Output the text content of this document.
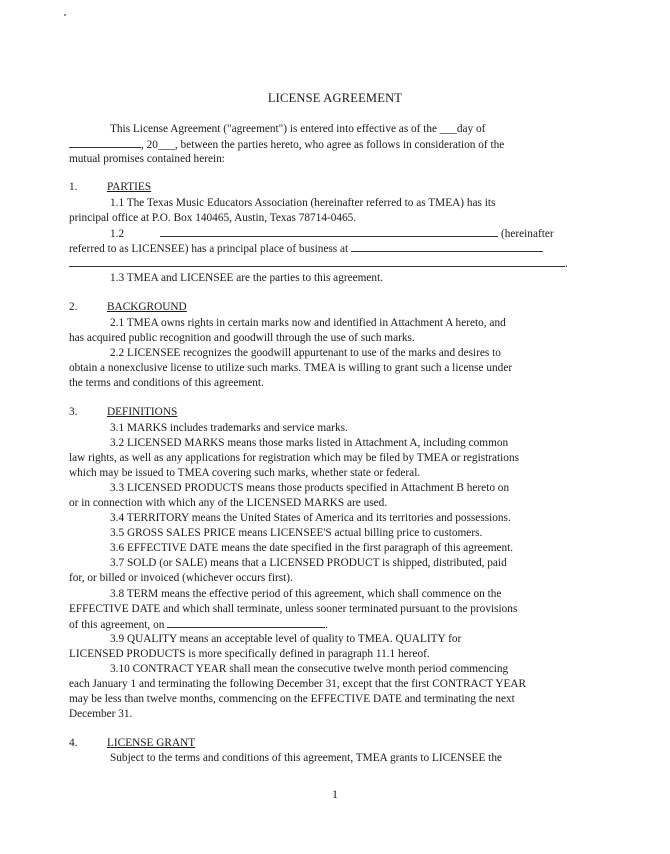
LICENSE AGREEMENT
This License Agreement ("agreement") is entered into effective as of the ___day of
, 20___, between the parties hereto, who agree as follows in consideration of the
mutual promises contained herein:
1.	PARTIES
1.1 The Texas Music Educators Association (hereinafter referred to as TMEA) has its
principal office at P.O. Box 140465, Austin, Texas 78714-0465.
1.2	(hereinafter
referred to as LICENSEE) has a principal place of business at
.
1.3 TMEA and LICENSEE are the parties to this agreement.
2.	BACKGROUND
2.1 TMEA owns rights in certain marks now and identified in Attachment A hereto, and
has acquired public recognition and goodwill through the use of such marks.
2.2 LICENSEE recognizes the goodwill appurtenant to use of the marks and desires to
obtain a nonexclusive license to utilize such marks. TMEA is willing to grant such a license under
the terms and conditions of this agreement.
3.	DEFINITIONS
3.1 MARKS includes trademarks and service marks.
3.2 LICENSED MARKS means those marks listed in Attachment A, including common
law rights, as well as any applications for registration which may be filed by TMEA or registrations
which may be issued to TMEA covering such marks, whether state or federal.
3.3 LICENSED PRODUCTS means those products specified in Attachment B hereto on
or in connection with which any of the LICENSED MARKS are used.
3.4 TERRITORY means the United States of America and its territories and possessions.
3.5 GROSS SALES PRICE means LICENSEE'S actual billing price to customers.
3.6 EFFECTIVE DATE means the date specified in the first paragraph of this agreement.
3.7 SOLD (or SALE) means that a LICENSED PRODUCT is shipped, distributed, paid
for, or billed or invoiced (whichever occurs first).
3.8 TERM means the effective period of this agreement, which shall commence on the
EFFECTIVE DATE and which shall terminate, unless sooner terminated pursuant to the provisions
of this agreement, on	.
3.9 QUALITY means an acceptable level of quality to TMEA. QUALITY for
LICENSED PRODUCTS is more specifically defined in paragraph 11.1 hereof.
3.10 CONTRACT YEAR shall mean the consecutive twelve month period commencing
each January 1 and terminating the following December 31, except that the first CONTRACT YEAR
may be less than twelve months, commencing on the EFFECTIVE DATE and terminating the next
December 31.
4.	LICENSE GRANT
Subject to the terms and conditions of this agreement, TMEA grants to LICENSEE the
1
